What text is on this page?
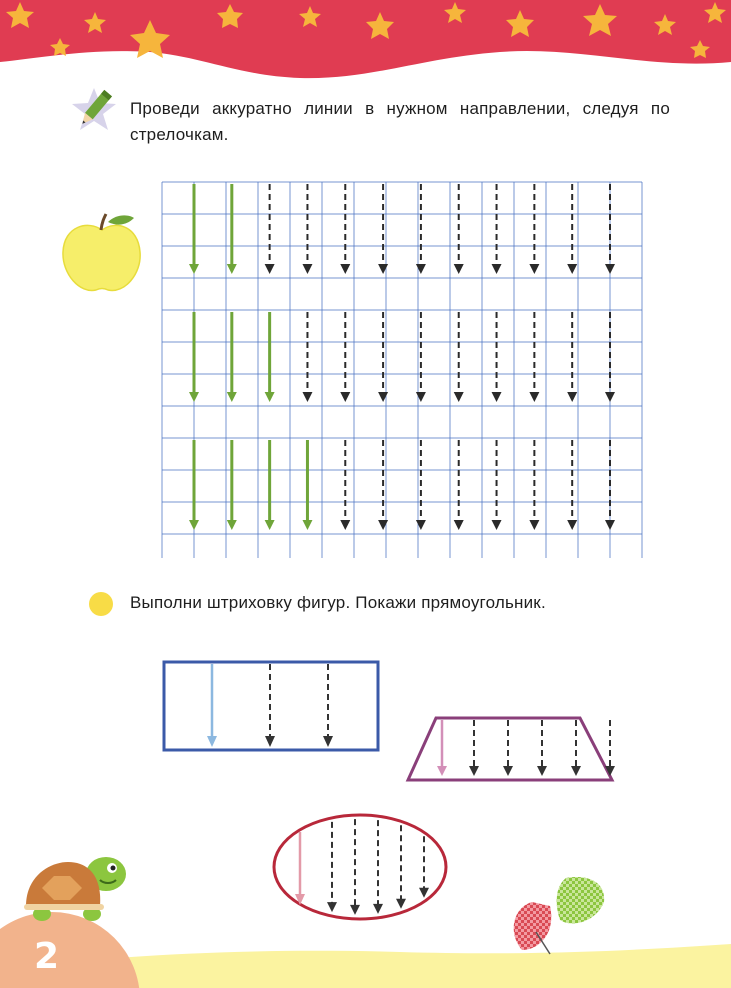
2
Проведи аккуратно линии в нужном направлении, следуя по стрелочкам.
Выполни штриховку фигур. Покажи прямоугольник.
